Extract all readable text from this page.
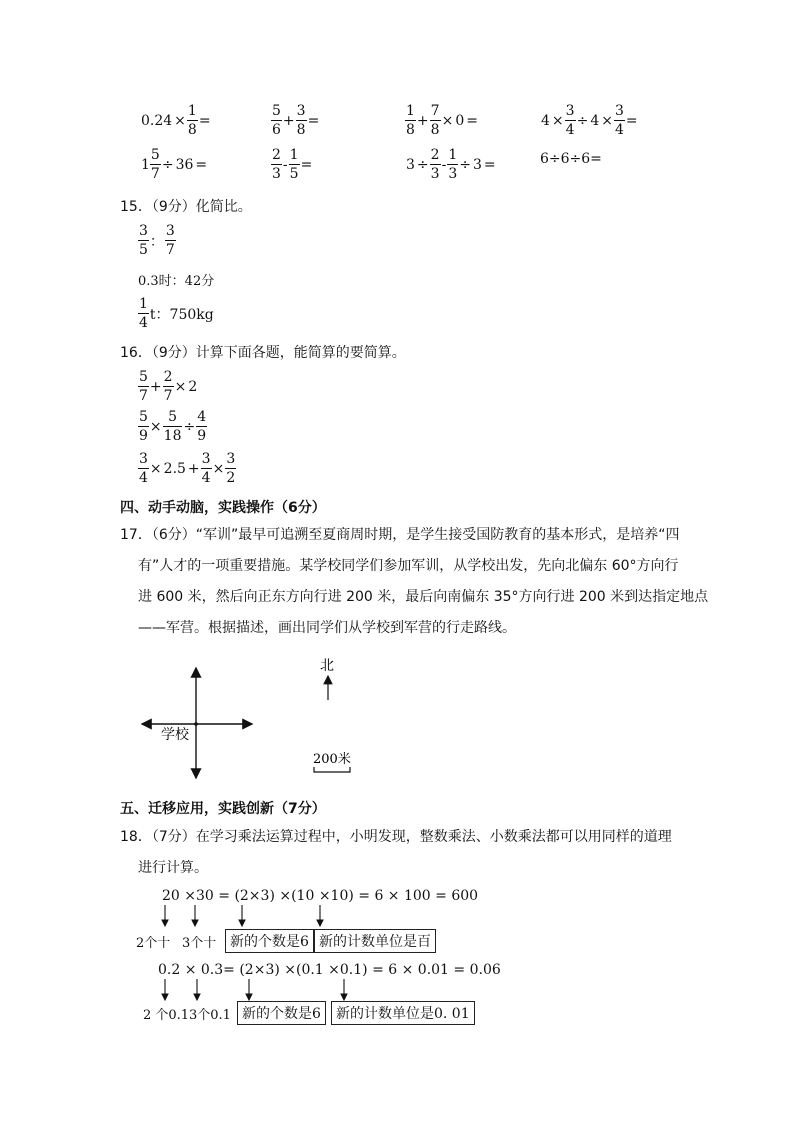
$0.24 \times \frac{1}{8}$ =	$\frac{5}{6} + \frac{3}{8}$ =	$\frac{1}{8} + \frac{7}{8} \times 0$ =	$4 \times \frac{3}{4} \div 4 \times \frac{3}{4}$ =
$1 \frac{5}{7} \div 36$ =	$\frac{2}{3} - \frac{1}{5}$ =	$3 \div \frac{2}{3} - \frac{1}{3} \div 3$ =	6÷6÷6=
15．（9分）化简比。
$\frac{3}{5}$ ： $\frac{3}{7}$
0.3时：42分
$\frac{1}{4}$ t：750kg
16．（9分）计算下面各题，能简算的要简算。
$\frac{5}{7} + \frac{2}{7} \times 2$
$\frac{5}{9} \times \frac{5}{18} \div \frac{4}{9}$
$\frac{3}{4} \times 2.5 + \frac{3}{4} \times \frac{3}{2}$
四、动手动脑，实践操作（6分）
17．（6分）“军训”最早可追溯至夏商周时期，是学生接受国防教育的基本形式，是培养“四
有”人才的一项重要措施。某学校同学们参加军训，从学校出发，先向北偏东 60°方向行
进 600 米，然后向正东方向行进 200 米，最后向南偏东 35°方向行进 200 米到达指定地点
——军营。根据描述，画出同学们从学校到军营的行走路线。
学校
北
200米
五、迁移应用，实践创新（7分）
18．（7分）在学习乘法运算过程中，小明发现，整数乘法、小数乘法都可以用同样的道理
进行计算。
20 ×30 = (2×3) ×(10 ×10) = 6 × 100 = 600
2个十 3个十 新的个数是6 新的计数单位是百
0.2 × 0.3= (2×3) ×(0.1 ×0.1) = 6 × 0.01 = 0.06
2 个0.1 3个0.1 新的个数是6	新的计数单位是0. 01
